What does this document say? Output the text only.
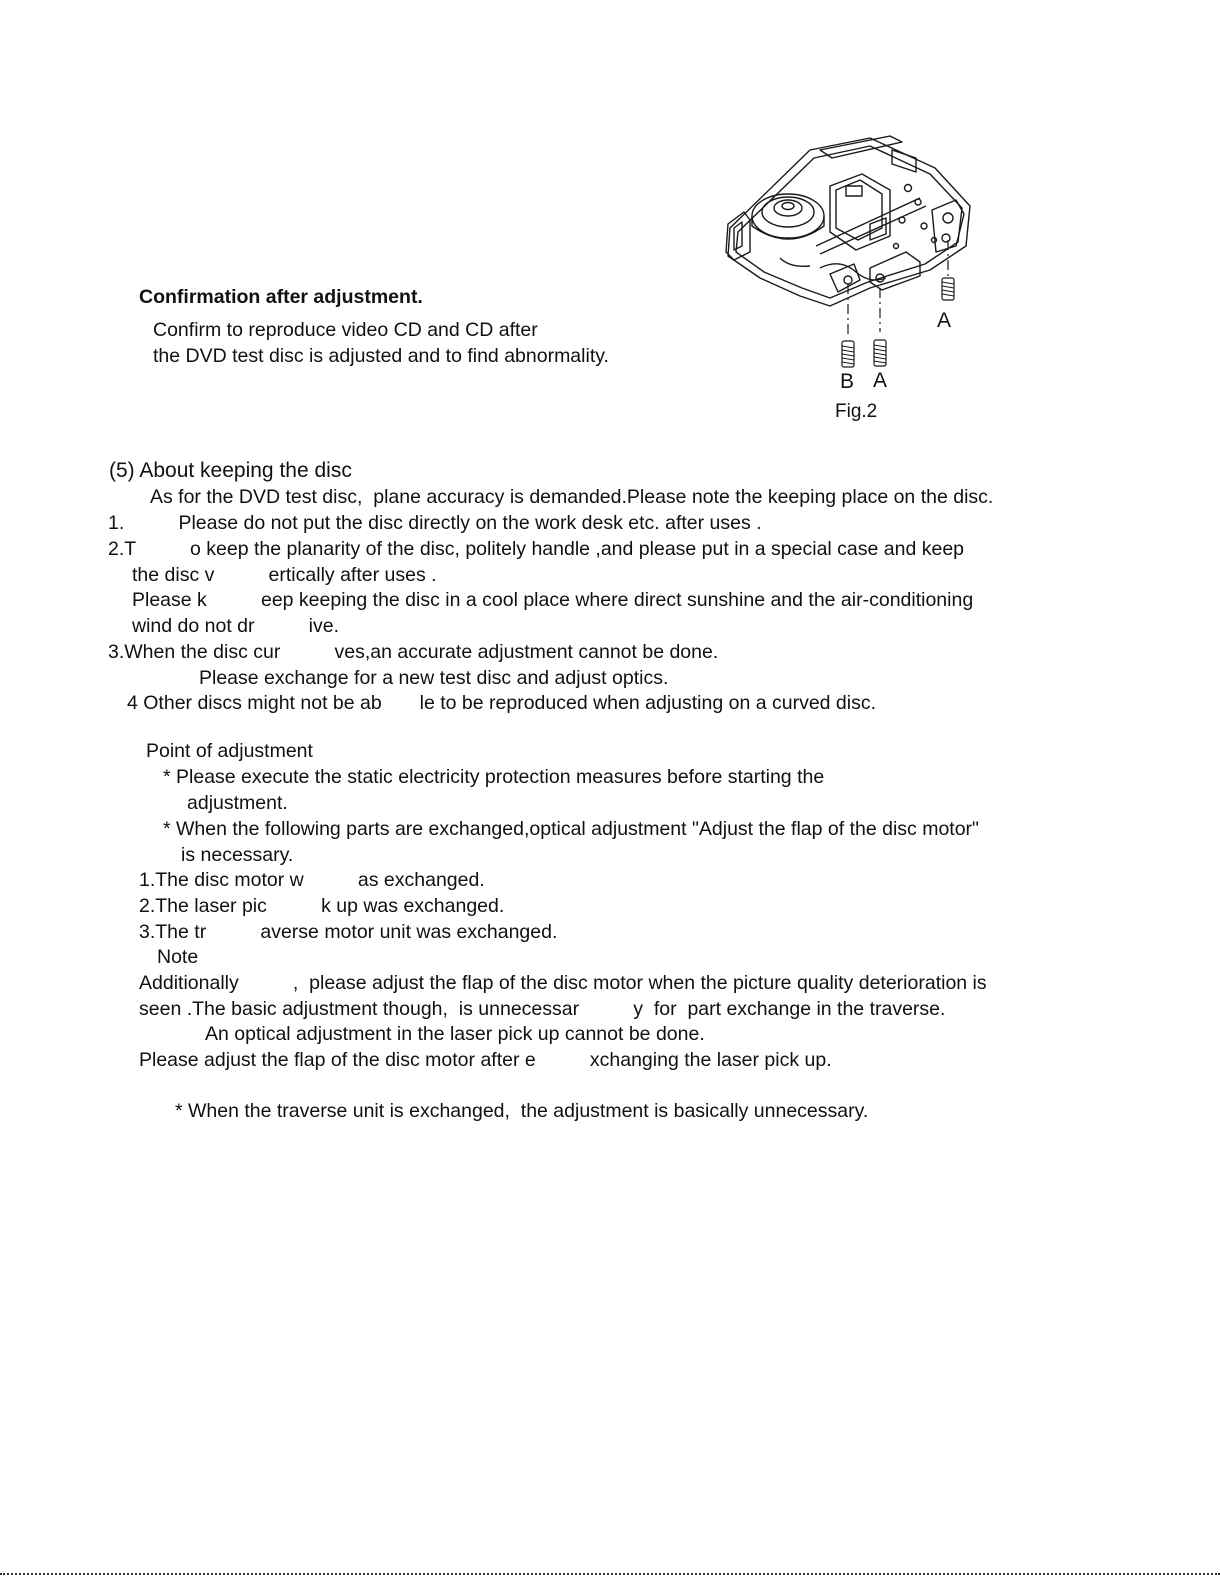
Confirmation after adjustment.
Confirm to reproduce video CD and CD after
the DVD test disc is adjusted and to find abnormality.
A
B A
Fig.2
(5) About keeping the disc
As for the DVD test disc,  plane accuracy is demanded.Please note the keeping place on the disc.
1.          Please do not put the disc directly on the work desk etc. after uses .
2.T          o keep the planarity of the disc, politely handle ,and please put in a special case and keep
the disc v          ertically after uses .
Please k          eep keeping the disc in a cool place where direct sunshine and the air-conditioning
wind do not dr          ive.
3.When the disc cur          ves,an accurate adjustment cannot be done.
Please exchange for a new test disc and adjust optics.
4 Other discs might not be ab       le to be reproduced when adjusting on a curved disc.
Point of adjustment
* Please execute the static electricity protection measures before starting the
adjustment.
* When the following parts are exchanged,optical adjustment "Adjust the flap of the disc motor"
is necessary.
1.The disc motor w          as exchanged.
2.The laser pic          k up was exchanged.
3.The tr          averse motor unit was exchanged.
Note
Additionally          ,  please adjust the flap of the disc motor when the picture quality deterioration is
seen .The basic adjustment though,  is unnecessar          y  for  part exchange in the traverse.
An optical adjustment in the laser pick up cannot be done.
Please adjust the flap of the disc motor after e          xchanging the laser pick up.
* When the traverse unit is exchanged,  the adjustment is basically unnecessary.
